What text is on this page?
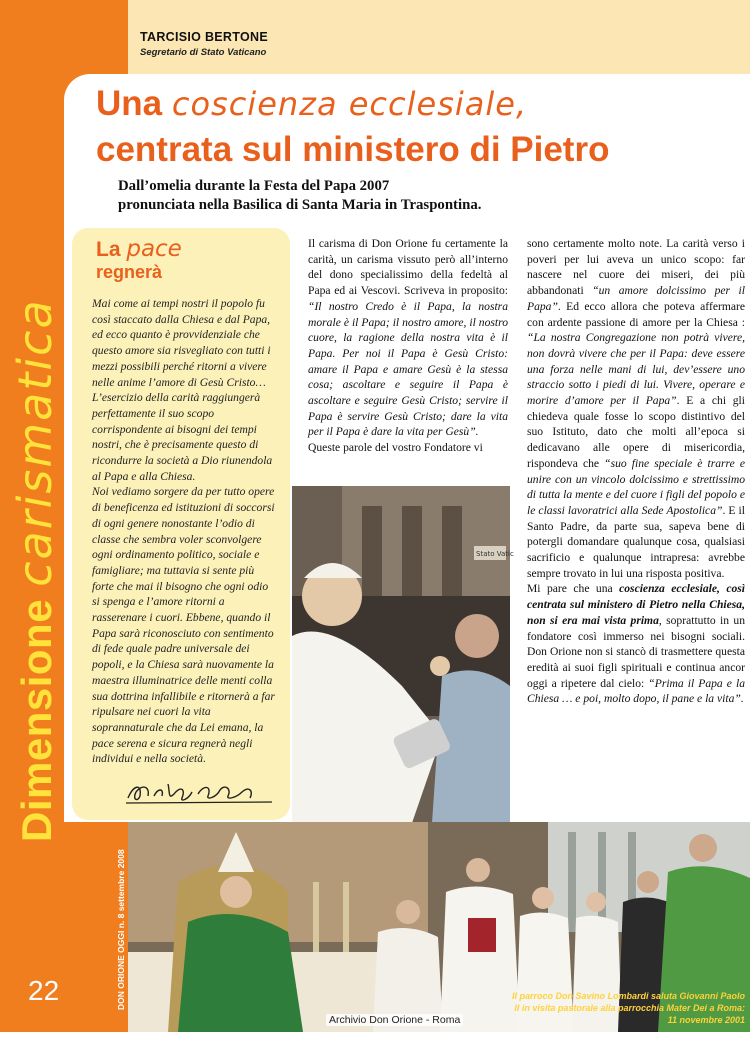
TARCISIO BERTONE
Segretario di Stato Vaticano
Una coscienza ecclesiale,
centrata sul ministero di Pietro
Dall’omelia durante la Festa del Papa 2007
pronunciata nella Basilica di Santa Maria in Traspontina.
Dimensione carismatica
DON ORIONE OGGI n. 8 settembre 2008
22
La pace
regnerà

Mai come ai tempi nostri il popolo fu così staccato dalla Chiesa e dal Papa, ed ecco quanto è provvidenziale che questo amore sia risvegliato con tutti i mezzi possibili perché ritorni a vivere nelle anime l’amore di Gesù Cristo…

L’esercizio della carità raggiungerà perfettamente il suo scopo corrispondente ai bisogni dei tempi nostri, che è precisamente questo di ricondurre la società a Dio riunendola al Papa e alla Chiesa.

Noi vediamo sorgere da per tutto opere di beneficenza ed istituzioni di soccorsi di ogni genere nonostante l’odio di classe che sembra voler sconvolgere ogni ordinamento politico, sociale e famigliare; ma tuttavia si sente più forte che mai il bisogno che ogni odio si spenga e l’amore ritorni a rasserenare i cuori. Ebbene, quando il Papa sarà riconosciuto con sentimento di fede quale padre universale dei popoli, e la Chiesa sarà nuovamente la maestra illuminatrice delle menti colla sua dottrina infallibile e ritornerà a far ripulsare nei cuori la vita soprannaturale che da Lei emana, la pace serena e sicura regnerà negli individui e nella società.

Il carisma di Don Orione fu certamente la carità, un carisma vissuto però all’interno del dono specialissimo della fedeltà al Papa ed ai Vescovi. Scriveva in proposito: “Il nostro Credo è il Papa, la nostra morale è il Papa; il nostro amore, il nostro cuore, la ragione della nostra vita è il Papa. Per noi il Papa è Gesù Cristo: amare il Papa e amare Gesù è la stessa cosa; ascoltare e seguire il Papa è ascoltare e seguire Gesù Cristo; servire il Papa è servire Gesù Cristo; dare la vita per il Papa è dare la vita per Gesù”.

Queste parole del vostro Fondatore vi

Stato Vatic

sono certamente molto note. La carità verso i poveri per lui aveva un unico scopo: far nascere nel cuore dei miseri, dei più abbandonati “un amore dolcissimo per il Papa”. Ed ecco allora che poteva affermare con ardente passione di amore per la Chiesa : “La nostra Congregazione non potrà vivere, non dovrà vivere che per il Papa: deve essere una forza nelle mani di lui, dev’essere uno straccio sotto i piedi di lui. Vivere, operare e morire d’amore per il Papa”. E a chi gli chiedeva quale fosse lo scopo distintivo del suo Istituto, dato che molti all’epoca si dedicavano alle opere di misericordia, rispondeva che “suo fine speciale è trarre e unire con un vincolo dolcissimo e strettissimo di tutta la mente e del cuore i figli del popolo e le classi lavoratrici alla Sede Apostolica”. E il Santo Padre, da parte sua, sapeva bene di potergli domandare qualunque cosa, qualsiasi sacrificio e qualunque intrapresa: avrebbe sempre trovato in lui una risposta positiva.

Mi pare che una coscienza ecclesiale, così centrata sul ministero di Pietro nella Chiesa, non si era mai vista prima, soprattutto in un fondatore così immerso nei bisogni sociali. Don Orione non si stancò di trasmettere questa eredità ai suoi figli spirituali e continua ancor oggi a ripetere dal cielo: “Prima il Papa e la Chiesa … e poi, molto dopo, il pane e la vita”.

Il parroco Don Savino Lombardi saluta Giovanni Paolo II in visita pastorale alla parrocchia Mater Dei a Roma: 11 novembre 2001
Archivio Don Orione - Roma
